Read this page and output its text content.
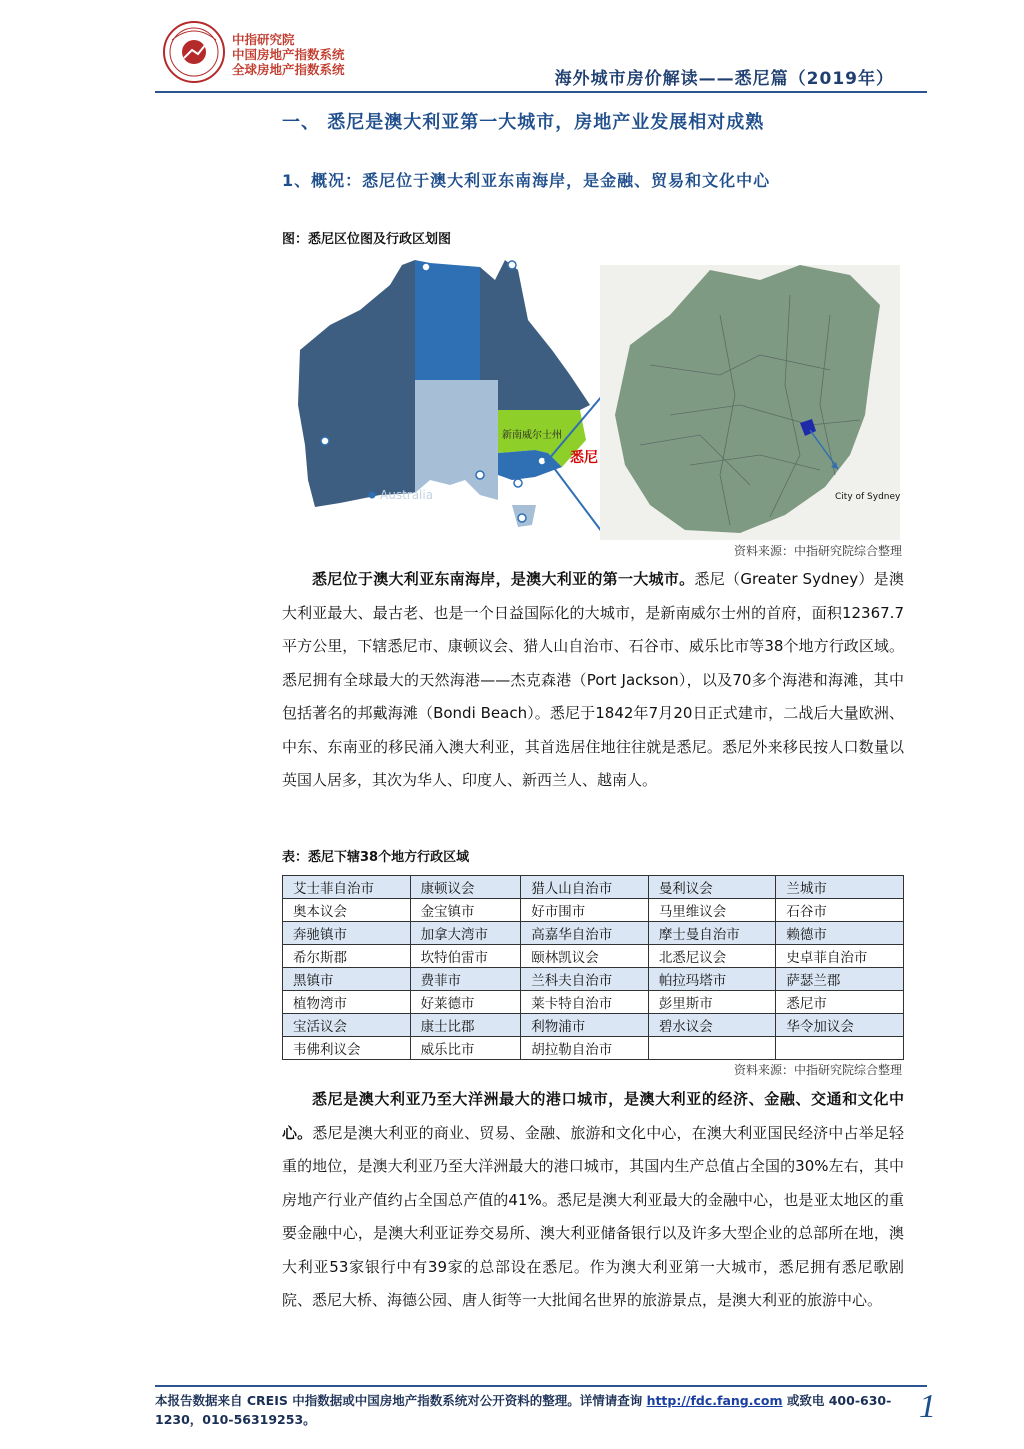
中指研究院
中国房地产指数系统
全球房地产指数系统	海外城市房价解读——悉尼篇（2019年）
一、 悉尼是澳大利亚第一大城市，房地产业发展相对成熟
1、概况：悉尼位于澳大利亚东南海岸，是金融、贸易和文化中心
图：悉尼区位图及行政区划图
新南威尔士州
悉尼
Australia	City of Sydney
资料来源：中指研究院综合整理

悉尼位于澳大利亚东南海岸，是澳大利亚的第一大城市。悉尼（Greater Sydney）是澳大利亚最大、最古老、也是一个日益国际化的大城市，是新南威尔士州的首府，面积12367.7平方公里，下辖悉尼市、康顿议会、猎人山自治市、石谷市、威乐比市等38个地方行政区域。悉尼拥有全球最大的天然海港——杰克森港（Port Jackson），以及70多个海港和海滩，其中包括著名的邦戴海滩（Bondi Beach）。悉尼于1842年7月20日正式建市，二战后大量欧洲、中东、东南亚的移民涌入澳大利亚，其首选居住地往往就是悉尼。悉尼外来移民按人口数量以英国人居多，其次为华人、印度人、新西兰人、越南人。

表：悉尼下辖38个地方行政区域
艾士菲自治市	康顿议会	猎人山自治市	曼利议会	兰城市
奥本议会	金宝镇市	好市围市	马里维议会	石谷市
奔驰镇市	加拿大湾市	高嘉华自治市	摩士曼自治市	赖德市
希尔斯郡	坎特伯雷市	颐林凯议会	北悉尼议会	史卓菲自治市
黑镇市	费菲市	兰科夫自治市	帕拉玛塔市	萨瑟兰郡
植物湾市	好莱德市	莱卡特自治市	彭里斯市	悉尼市
宝活议会	康士比郡	利物浦市	碧水议会	华令加议会
韦佛利议会	威乐比市	胡拉勒自治市		
资料来源：中指研究院综合整理

悉尼是澳大利亚乃至大洋洲最大的港口城市，是澳大利亚的经济、金融、交通和文化中心。悉尼是澳大利亚的商业、贸易、金融、旅游和文化中心，在澳大利亚国民经济中占举足轻重的地位，是澳大利亚乃至大洋洲最大的港口城市，其国内生产总值占全国的30%左右，其中房地产行业产值约占全国总产值的41%。悉尼是澳大利亚最大的金融中心，也是亚太地区的重要金融中心，是澳大利亚证券交易所、澳大利亚储备银行以及许多大型企业的总部所在地，澳大利亚53家银行中有39家的总部设在悉尼。作为澳大利亚第一大城市，悉尼拥有悉尼歌剧院、悉尼大桥、海德公园、唐人街等一大批闻名世界的旅游景点，是澳大利亚的旅游中心。

本报告数据来自 CREIS 中指数据或中国房地产指数系统对公开资料的整理。详情请查询 http://fdc.fang.com 或致电 400-630-1230，010-56319253。	1
